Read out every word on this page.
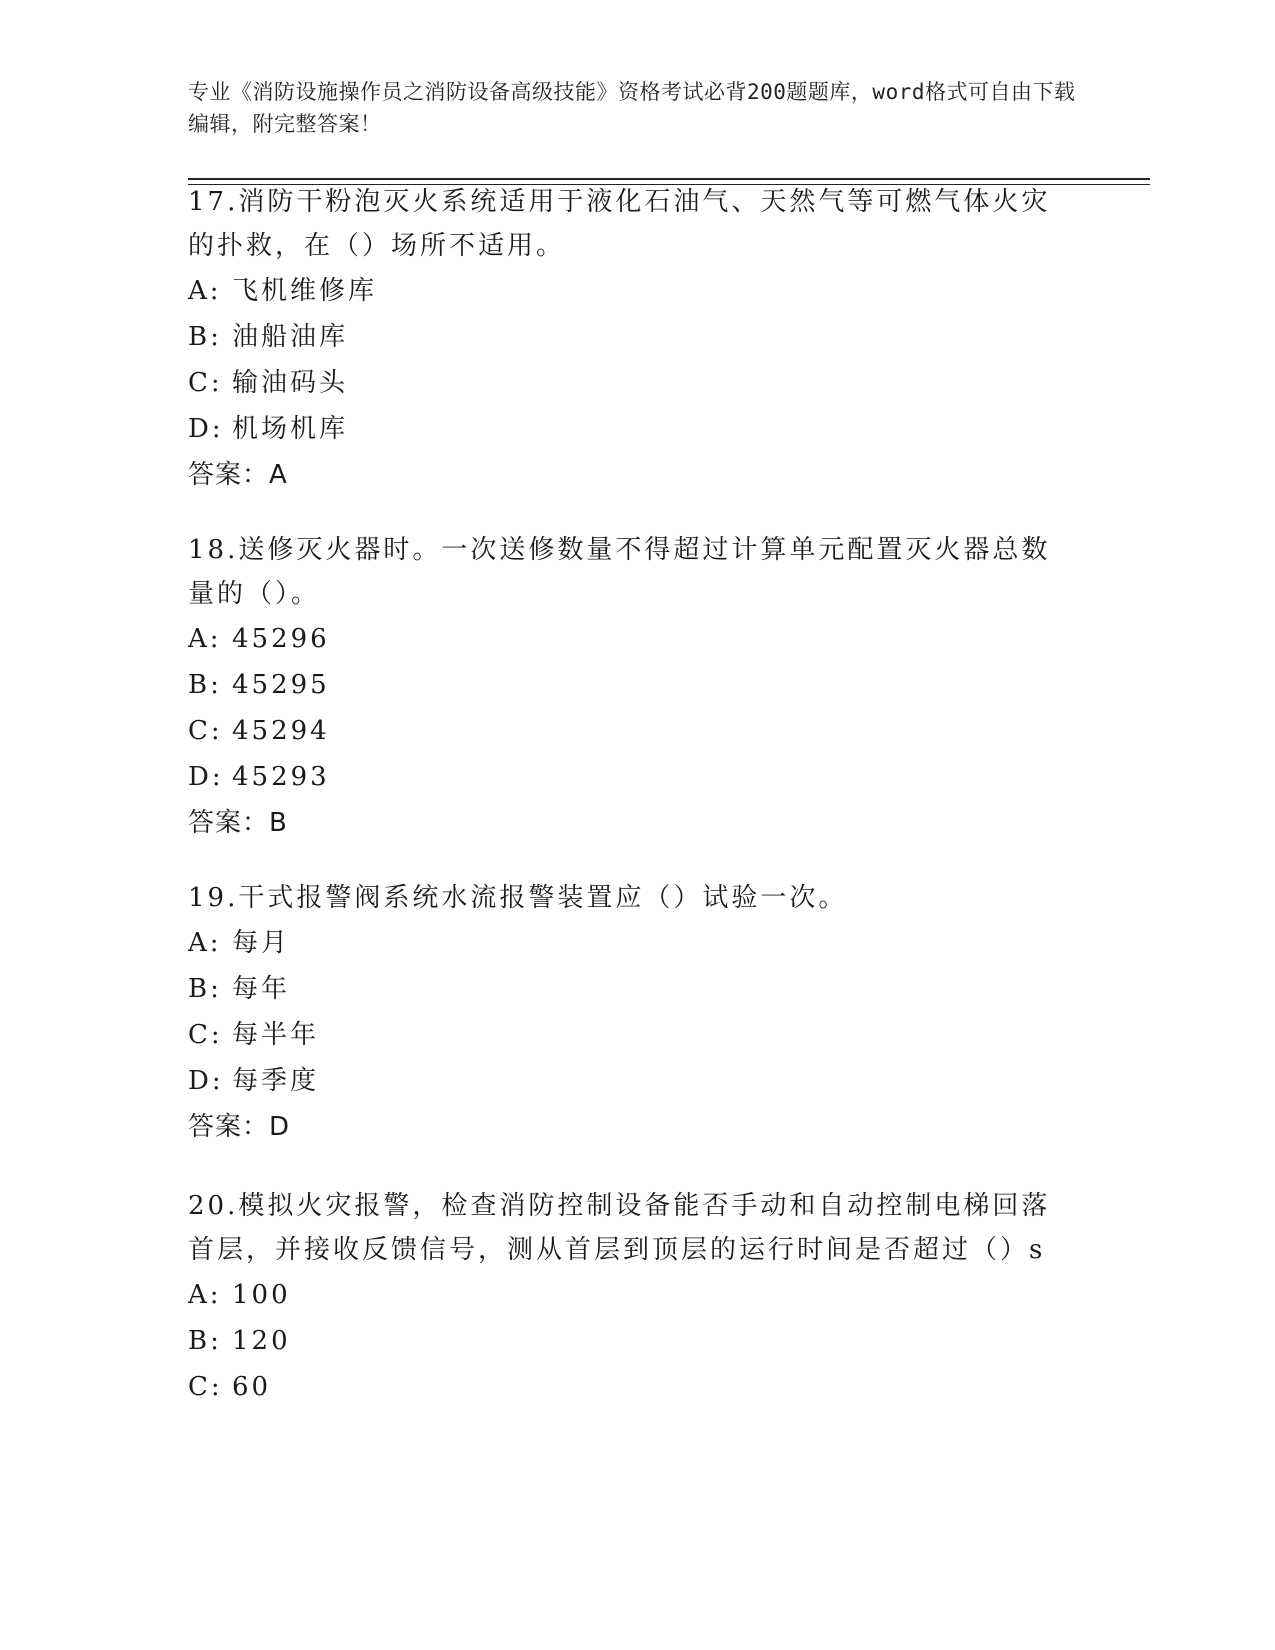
专业《消防设施操作员之消防设备高级技能》资格考试必背200题题库，word格式可自由下载编辑，附完整答案！

17.消防干粉泡灭火系统适用于液化石油气、天然气等可燃气体火灾的扑救，在（）场所不适用。

A: 飞机维修库

B: 油船油库

C: 输油码头

D: 机场机库

答案：A

18.送修灭火器时。一次送修数量不得超过计算单元配置灭火器总数量的（）。

A: 45296

B: 45295

C: 45294

D: 45293

答案：B

19.干式报警阀系统水流报警装置应（）试验一次。

A: 每月

B: 每年

C: 每半年

D: 每季度

答案：D

20.模拟火灾报警，检查消防控制设备能否手动和自动控制电梯回落首层，并接收反馈信号，测从首层到顶层的运行时间是否超过（）s

A: 100

B: 120

C: 60
